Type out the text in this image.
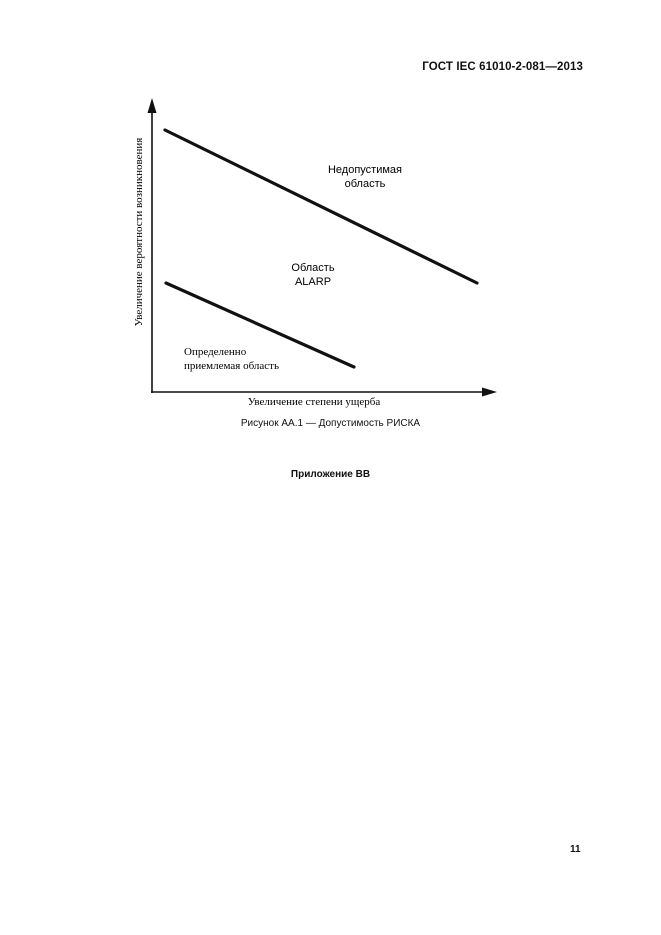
ГОСТ IEC 61010-2-081—2013
Увеличение вероятности возникновения
Увеличение степени ущерба
Недопустимая
область
Область
ALARP
Определенно
приемлемая область
Рисунок АА.1 — Допустимость РИСКА
Приложение ВВ
11
